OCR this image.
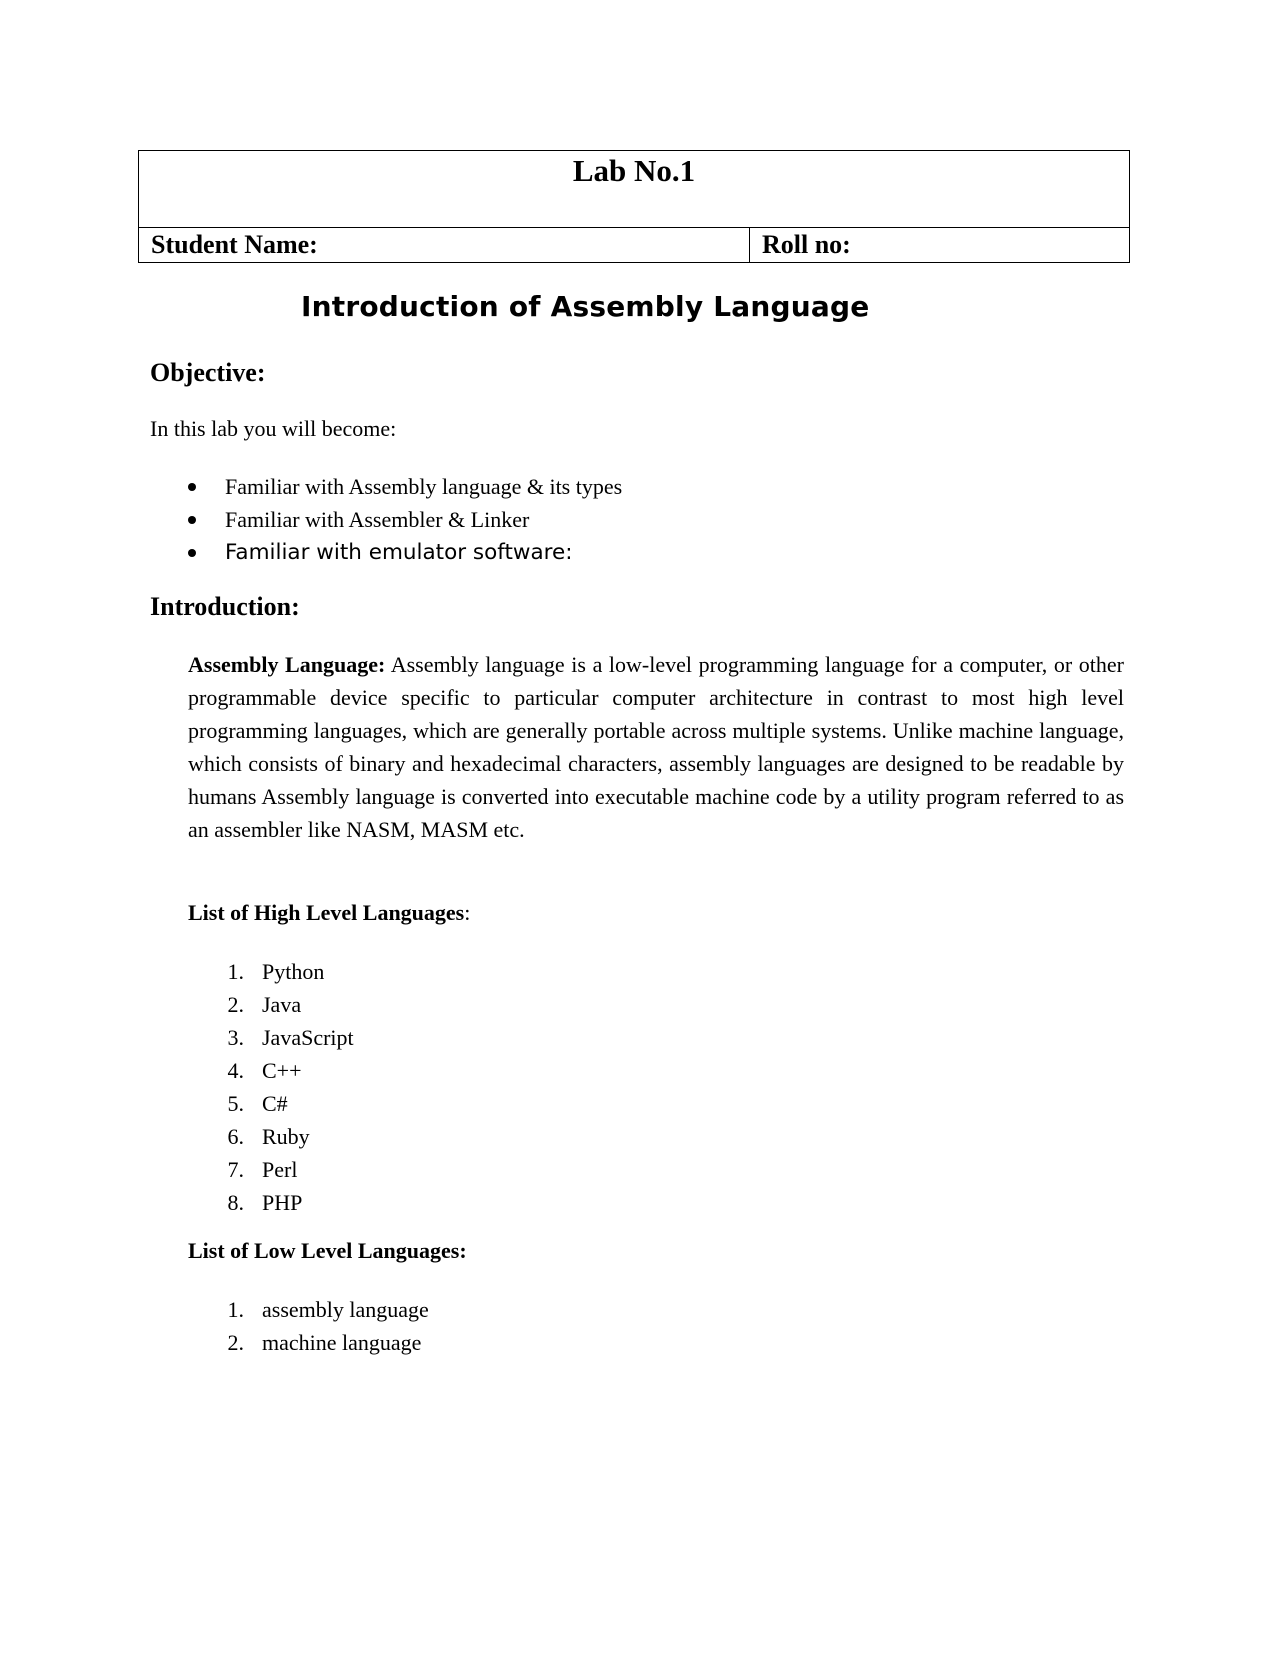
Lab No.1
Student Name:	Roll no:
Introduction of Assembly Language
Objective:

In this lab you will become:

Familiar with Assembly language & its types
Familiar with Assembler & Linker
Familiar with emulator software:
Introduction:

Assembly Language: Assembly language is a low-level programming language for a computer, or other programmable device specific to particular computer architecture in contrast to most high level programming languages, which are generally portable across multiple systems. Unlike machine language, which consists of binary and hexadecimal characters, assembly languages are designed to be readable by humans Assembly language is converted into executable machine code by a utility program referred to as an assembler like NASM, MASM etc.

List of High Level Languages:

1. Python
2. Java
3. JavaScript
4. C++
5. C#
6. Ruby
7. Perl
8. PHP

List of Low Level Languages:

1. assembly language
2. machine language
